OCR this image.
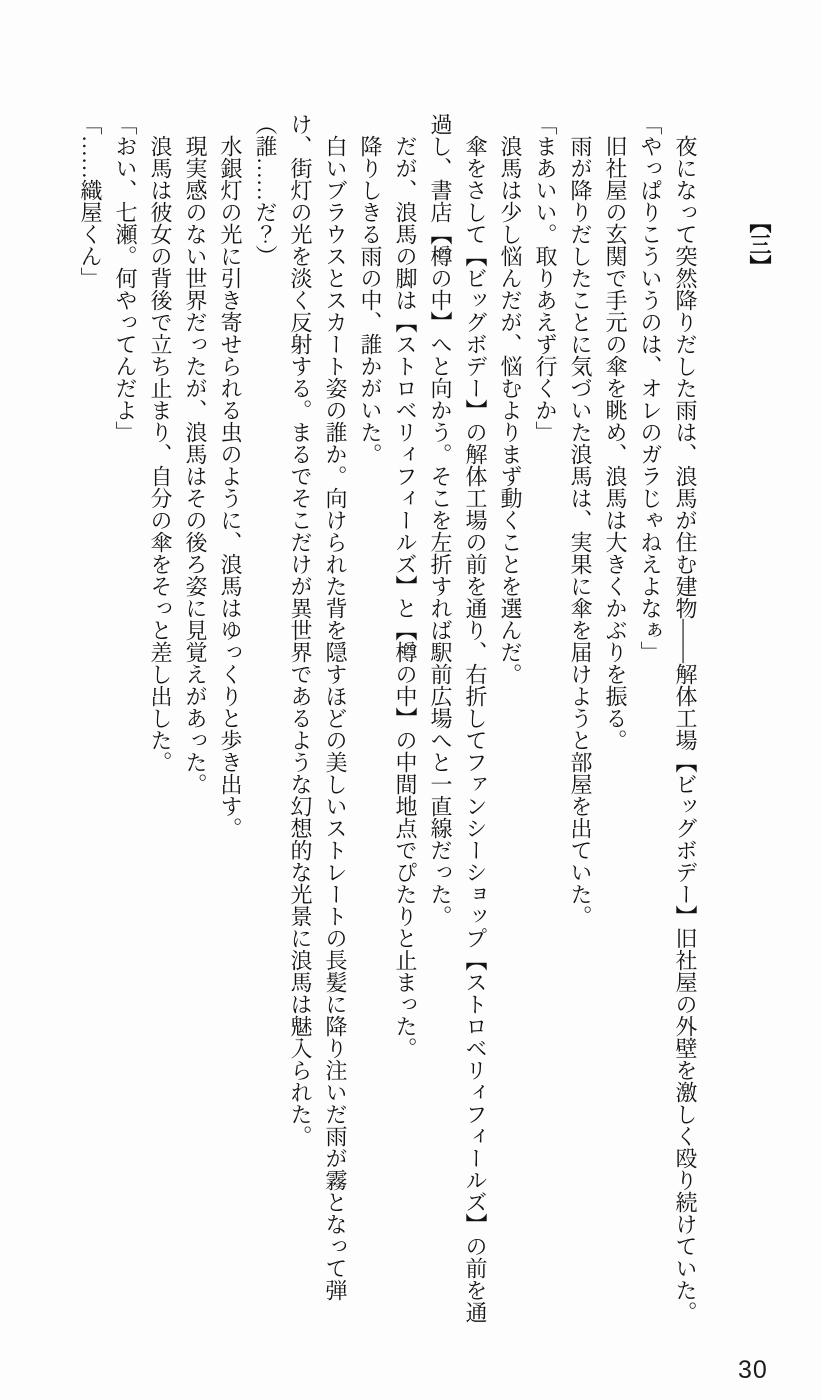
【三】

夜になって突然降りだした雨は、浪馬が住む建物――解体工場【ビッグボデー】旧社屋の外壁を激しく殴り続けていた。

「やっぱりこういうのは、オレのガラじゃねえよなぁ」

旧社屋の玄関で手元の傘を眺め、浪馬は大きくかぶりを振る。

雨が降りだしたことに気づいた浪馬は、実果に傘を届けようと部屋を出ていた。

「まあいい。取りあえず行くか」

浪馬は少し悩んだが、悩むよりまず動くことを選んだ。

傘をさして【ビッグボデー】の解体工場の前を通り、右折してファンシーショップ【ストロベリィフィールズ】の前を通過し、書店【樽の中】へと向かう。そこを左折すれば駅前広場へと一直線だった。

だが、浪馬の脚は【ストロベリィフィールズ】と【樽の中】の中間地点でぴたりと止まった。

降りしきる雨の中、誰かがいた。

白いブラウスとスカート姿の誰か。向けられた背を隠すほどの美しいストレートの長髪に降り注いだ雨が霧となって弾け、街灯の光を淡く反射する。まるでそこだけが異世界であるような幻想的な光景に浪馬は魅入られた。

（誰……だ？）

水銀灯の光に引き寄せられる虫のように、浪馬はゆっくりと歩き出す。

現実感のない世界だったが、浪馬はその後ろ姿に見覚えがあった。

浪馬は彼女の背後で立ち止まり、自分の傘をそっと差し出した。

「おい、七瀬。何やってんだよ」

「……織屋くん」

30
